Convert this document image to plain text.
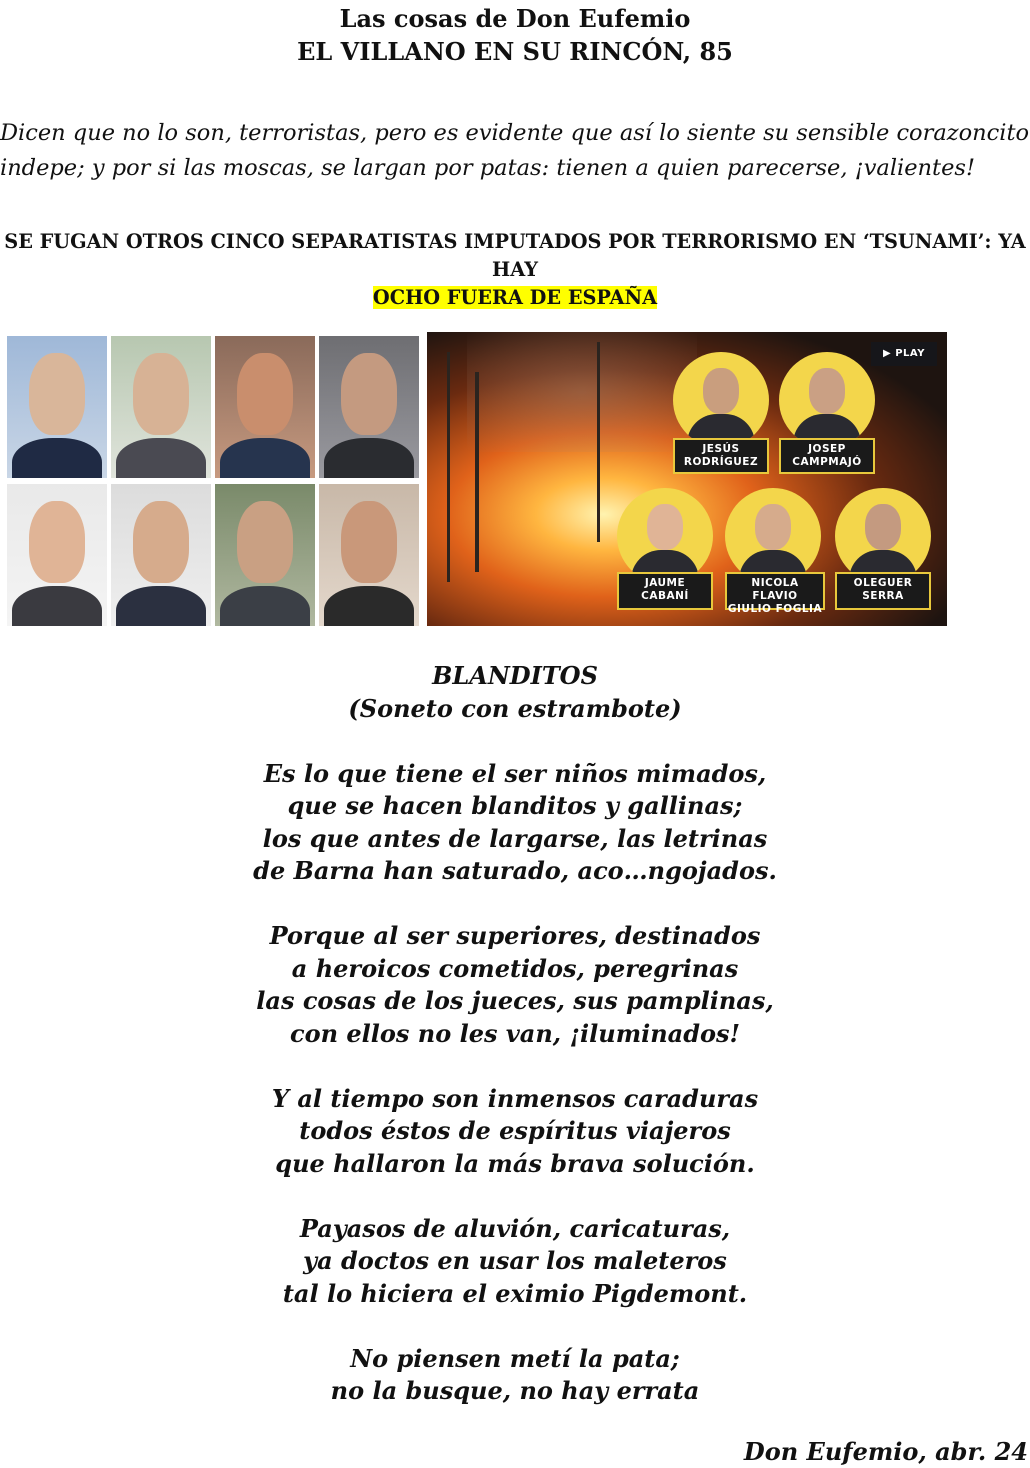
Las cosas de Don Eufemio
EL VILLANO EN SU RINCÓN, 85
Dicen que no lo son, terroristas, pero es evidente que así lo siente su sensible corazoncito
indepe; y por si las moscas, se largan por patas: tienen a quien parecerse, ¡valientes!
SE FUGAN OTROS CINCO SEPARATISTAS IMPUTADOS POR TERRORISMO EN ‘TSUNAMI’: YA HAY
OCHO FUERA DE ESPAÑA
▶ PLAY
JESÚS
RODRÍGUEZ
JOSEP
CAMPMAJÓ
JAUME
CABANÍ
NICOLA FLAVIO
GIULIO FOGLIA
OLEGUER
SERRA

BLANDITOS

(Soneto con estrambote)

Es lo que tiene el ser niños mimados,

que se hacen blanditos y gallinas;

los que antes de largarse, las letrinas

de Barna han saturado, aco…ngojados.

Porque al ser superiores, destinados

a heroicos cometidos, peregrinas

las cosas de los jueces, sus pamplinas,

con ellos no les van, ¡iluminados!

Y al tiempo son inmensos caraduras

todos éstos de espíritus viajeros

que hallaron la más brava solución.

Payasos de aluvión, caricaturas,

ya doctos en usar los maleteros

tal lo hiciera el eximio Pigdemont.

No piensen metí la pata;

no la busque, no hay errata

Don Eufemio, abr. 24
